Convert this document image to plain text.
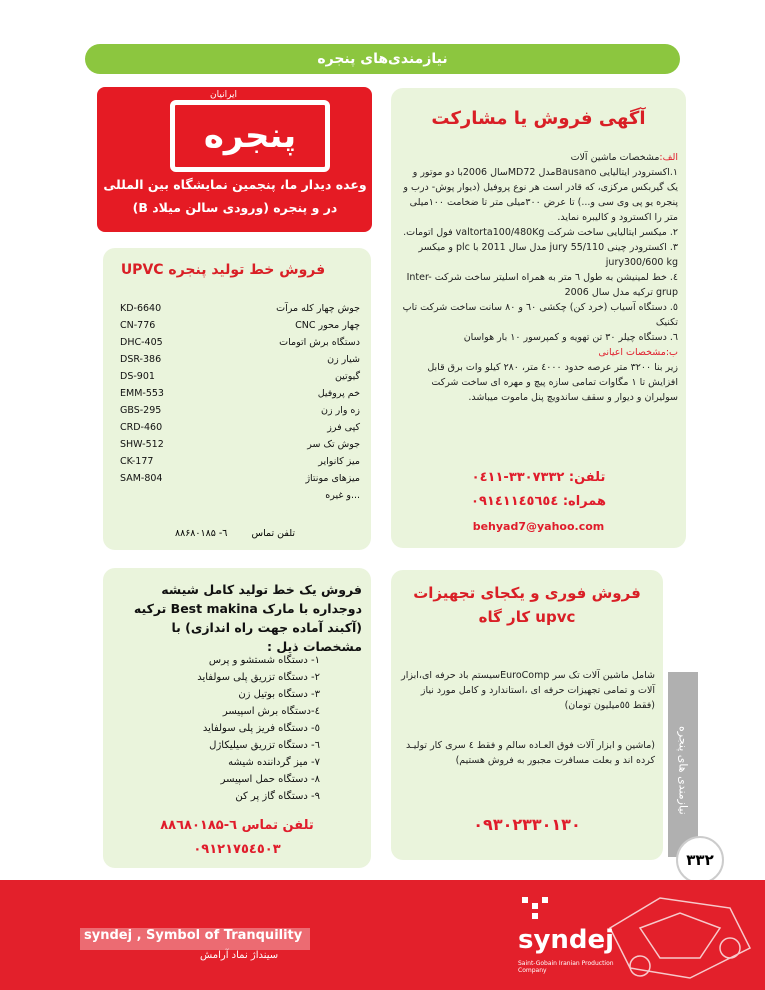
نیازمندی‌های پنجره
آگهی فروش یا مشارکت
الف:مشخصات ماشین آلات
۱.اکسترودر ایتالیایی Bausanoمدل MD72سال 2006با دو موتور و یک گیربکس مرکزی، که قادر است هر نوع پروفیل (دیوار پوش- درب و پنجره یو پی وی سی و...) تا عرض ۳۰۰میلی متر تا ضخامت ۱۰۰میلی متر را اکسترود و کالیبره نماید.
۲. میکسر ایتالیایی ساخت شرکت valtorta100/480Kg فول اتومات.
۳. اکسترودر چینی jury 55/110 مدل سال 2011 با plc و میکسر jury300/600 kg
٤. خط لمینیشن به طول ٦ متر به همراه اسلیتر ساخت شرکت Inter-grup ترکیه مدل سال 2006
٥. دستگاه آسیاب (خرد کن) چکشی ٦٠ و ٨٠ سانت ساخت شرکت تاپ تکنیک
٦. دستگاه چیلر ۳۰ تن تهویه و کمپرسور ۱۰ بار هواسان
ب:مشخصات اعیانی
زیر بنا ۳۲۰۰ متر عرصه حدود ٤٠٠٠ متر، ۲۸۰ کیلو وات برق قابل افزایش تا ۱ مگاوات تمامی سازه پیچ و مهره ای ساخت شرکت سولیران و دیوار و سقف ساندویچ پنل ماموت میباشد.
تلفن: ۳۳۰۷۳۳۲-۰٤۱۱
همراه: ۰۹۱٤۱۱٤٥٦٥٤
behyad7@yahoo.com
ایرانیان
پنجره
وعده دیدار ما، پنجمین نمایشگاه بین المللی
در و پنجره (ورودی سالن میلاد B)
فروش خط تولید پنجره UPVC
KD-6640	جوش چهار کله مرآت
CN-776	CNC چهار محور
DHC-405	دستگاه برش اتومات
DSR-386	شیار زن
DS-901	گیوتین
EMM-553	خم پروفیل
GBS-295	زه وار زن
CRD-460	کپی فرز
SHW-512	جوش تک سر
CK-177	میز کانوایر
SAM-804	میزهای مونتاژ
و غیره...
۸۸۶۸۰۱۸۵ -٦	تلفن تماس
فروش یک خط تولید کامل شیشه دوجداره با مارک Best makina ترکیه (آکبند آماده جهت راه اندازی) با مشخصات ذیل :
۱- دستگاه شستشو و پرس
۲- دستگاه تزریق پلی سولفاید
۳- دستگاه بوتیل زن
٤-دستگاه برش اسپیسر
٥- دستگاه فریز پلی سولفاید
٦- دستگاه تزریق سیلیکاژل
۷- میز گرداننده شیشه
۸- دستگاه حمل اسپیسر
۹- دستگاه گاز پر کن
تلفن تماس ٦-۸۸٦۸۰۱۸۵
۰۹۱۲۱۷٥٤٥۰۳
فروش فوری و یکجای تجهیزات
کار گاه upvc
شامل ماشین آلات تک سر EuroCompسیستم باد حرفه ای،ابزار آلات و تمامی تجهیزات حرفه ای ،استاندارد و کامل مورد نیاز (فقط ٥٥میلیون تومان)
(ماشین و ابزار آلات فوق العـاده سالم و فقط ٤ سری کار تولیـد کرده اند و بعلت مسافرت مجبور به فروش هستیم)
۰۹۳۰۲۳۳۰۱۳۰
نیازمندی های پنجره
۳۳۲
syndej , Symbol of Tranquility
سینداژ نماد آرامش
syndej
Saint-Gobain Iranian Production Company
